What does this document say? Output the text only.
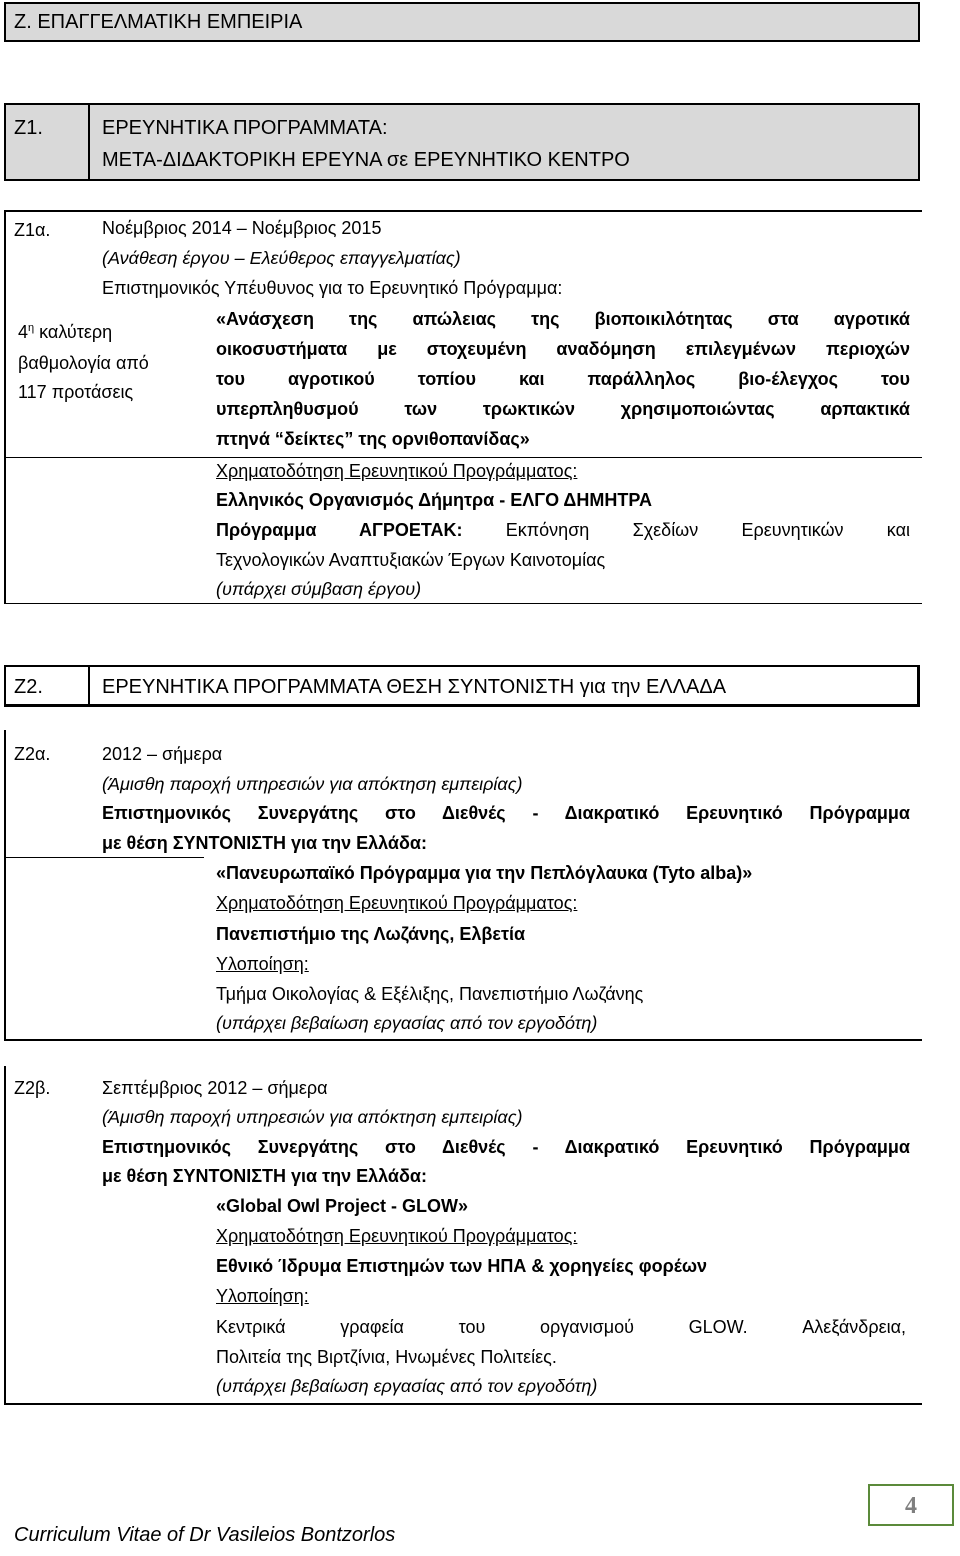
Ζ. ΕΠΑΓΓΕΛΜΑΤΙΚΗ ΕΜΠΕΙΡΙΑ
Ζ1.	ΕΡΕΥΝΗΤΙΚΑ ΠΡΟΓΡΑΜΜΑΤΑ:
ΜΕΤΑ-ΔΙΔΑΚΤΟΡΙΚΗ ΕΡΕΥΝΑ σε ΕΡΕΥΝΗΤΙΚΟ ΚΕΝΤΡΟ
Ζ1α.	Νοέμβριος 2014 – Νοέμβριος 2015
(Ανάθεση έργου – Ελεύθερος επαγγελματίας)
Επιστημονικός Υπέυθυνος για το Ερευνητικό Πρόγραμμα:
$4^\eta$ καλύτερη
βαθμολογία από
117 προτάσεις
«Ανάσχεση της απώλειας της βιοποικιλότητας στα αγροτικά
οικοσυστήματα με στοχευμένη αναδόμηση επιλεγμένων περιοχών
του αγροτικού τοπίου και παράλληλος βιο-έλεγχος του
υπερπληθυσμού των τρωκτικών χρησιμοποιώντας αρπακτικά
πτηνά “δείκτες” της ορνιθοπανίδας»
Χρηματοδότηση Ερευνητικού Προγράμματος:
Ελληνικός Οργανισμός Δήμητρα - ΕΛΓΟ ΔΗΜΗΤΡΑ
Πρόγραμμα ΑΓΡΟΕΤΑΚ: Εκπόνηση Σχεδίων Ερευνητικών και
Τεχνολογικών Αναπτυξιακών Έργων Καινοτομίας
(υπάρχει σύμβαση έργου)
Ζ2.	ΕΡΕΥΝΗΤΙΚΑ ΠΡΟΓΡΑΜΜΑΤΑ ΘΕΣΗ ΣΥΝΤΟΝΙΣΤΗ για την ΕΛΛΑΔΑ
Ζ2α.	2012 – σήμερα
(Άμισθη παροχή υπηρεσιών για απόκτηση εμπειρίας)
Επιστημονικός Συνεργάτης στο Διεθνές - Διακρατικό Ερευνητικό Πρόγραμμα
με θέση ΣΥΝΤΟΝΙΣΤΗ για την Ελλάδα:
«Πανευρωπαϊκό Πρόγραμμα για την Πεπλόγλαυκα (Tyto alba)»
Χρηματοδότηση Ερευνητικού Προγράμματος:
Πανεπιστήμιο της Λωζάνης, Ελβετία
Υλοποίηση:
Τμήμα Οικολογίας & Εξέλιξης, Πανεπιστήμιο Λωζάνης
(υπάρχει βεβαίωση εργασίας από τον εργοδότη)
Ζ2β.	Σεπτέμβριος 2012 – σήμερα
(Άμισθη παροχή υπηρεσιών για απόκτηση εμπειρίας)
Επιστημονικός Συνεργάτης στο Διεθνές - Διακρατικό Ερευνητικό Πρόγραμμα
με θέση ΣΥΝΤΟΝΙΣΤΗ για την Ελλάδα:
«Global Owl Project - GLOW»
Χρηματοδότηση Ερευνητικού Προγράμματος:
Εθνικό Ίδρυμα Επιστημών των ΗΠΑ & χορηγείες φορέων
Υλοποίηση:
Κεντρικά γραφεία του οργανισμού GLOW. Αλεξάνδρεια,
Πολιτεία της Βιρτζίνια, Ηνωμένες Πολιτείες.
(υπάρχει βεβαίωση εργασίας από τον εργοδότη)
Curriculum Vitae of Dr Vasileios Bontzorlos
4
